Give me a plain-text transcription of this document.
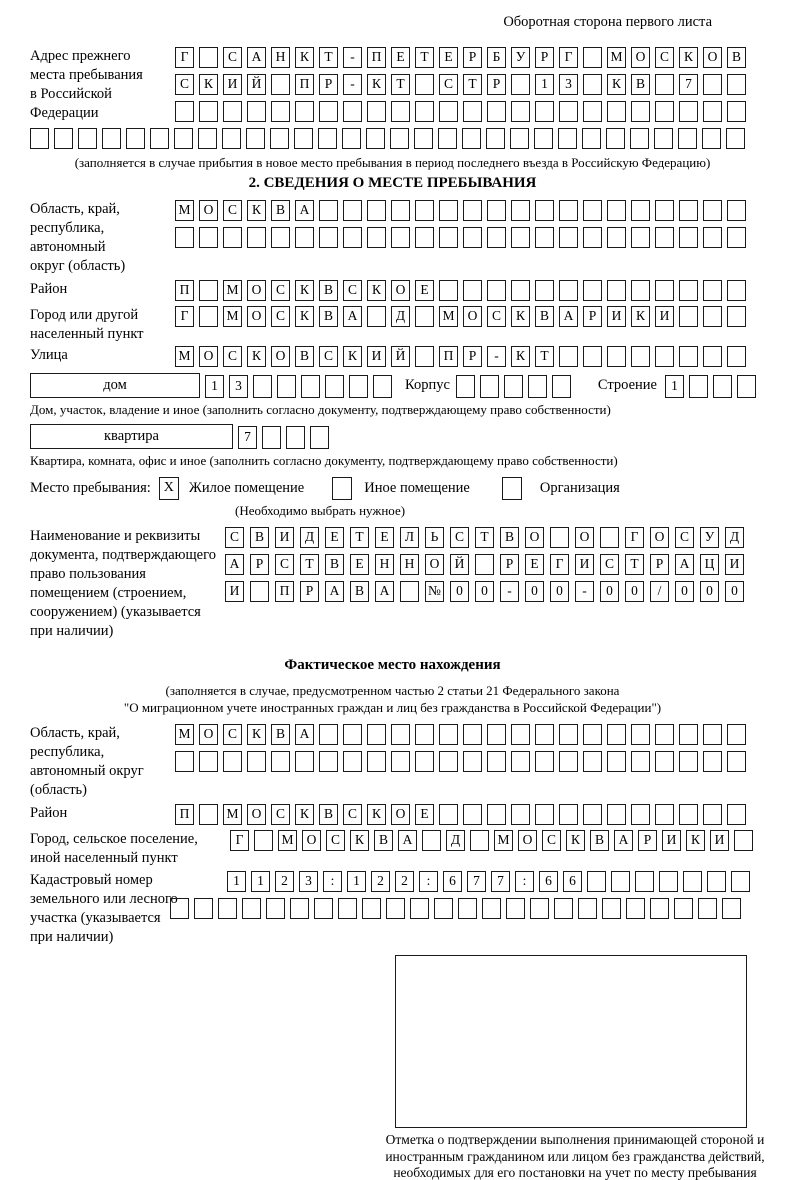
Оборотная сторона первого листа
Адрес прежнего
места пребывания
в Российской
Федерации
Г	С	А	Н	К	Т	-	П	Е	Т	Е	Р	Б	У	Р	Г	М О	С	К	О	В
С	К	И	Й	П	Р	-	К	Т	С	Т	Р	1	3	К	В	7
(заполняется в случае прибытия в новое место пребывания в период последнего въезда в Российскую Федерацию)
2. СВЕДЕНИЯ О МЕСТЕ ПРЕБЫВАНИЯ
Область, край,
республика,
автономный
округ (область)
М О	С	К	В	А
Район	П	М О	С	К	В	С	К	О	Е
Город или другой
населенный пункт
Г	М О	С	К	В	А	Д	М О	С	К	В	А	Р	И	К	И
Улица	М О	С	К	О	В	С	К	И	Й	П	Р	-	К	Т
дом	1	3	Корпус	Строение	1
Дом, участок, владение и иное (заполнить согласно документу, подтверждающему право собственности)
квартира	7
Квартира, комната, офис и иное (заполнить согласно документу, подтверждающему право собственности)
Место пребывания: X	Жилое помещение	Иное помещение	Организация
(Необходимо выбрать нужное)
Наименование и реквизиты
документа, подтверждающего
право пользования
помещением (строением,
сооружением) (указывается
при наличии)
С	В	И	Д	Е	Т	Е	Л	Ь	С	Т	В	О	О	Г	О	С	У	Д
А	Р	С	Т	В	Е	Н	Н	О	Й	Р	Е	Г	И	С	Т	Р	А	Ц	И
И	П	Р	А	В	А	№	0	0	-	0	0	-	0	0	/	0	0	0
Фактическое место нахождения
(заполняется в случае, предусмотренном частью 2 статьи 21 Федерального закона
"О миграционном учете иностранных граждан и лиц без гражданства в Российской Федерации")
Область, край,
республика,
автономный округ
(область)
М О	С	К	В	А
Район	П	М О	С	К	В	С	К	О	Е
Город, сельское поселение,
иной населенный пункт
Г	М О	С	К	В	А	Д	М О	С	К	В	А	Р	И	К	И
Кадастровый номер
земельного или лесного
участка (указывается
при наличии)
1	1	2	3	:	1	2	2	:	6	7	7	:	6	6
Отметка о подтверждении выполнения принимающей стороной и иностранным гражданином или лицом без гражданства действий, необходимых для его постановки на учет по месту пребывания
